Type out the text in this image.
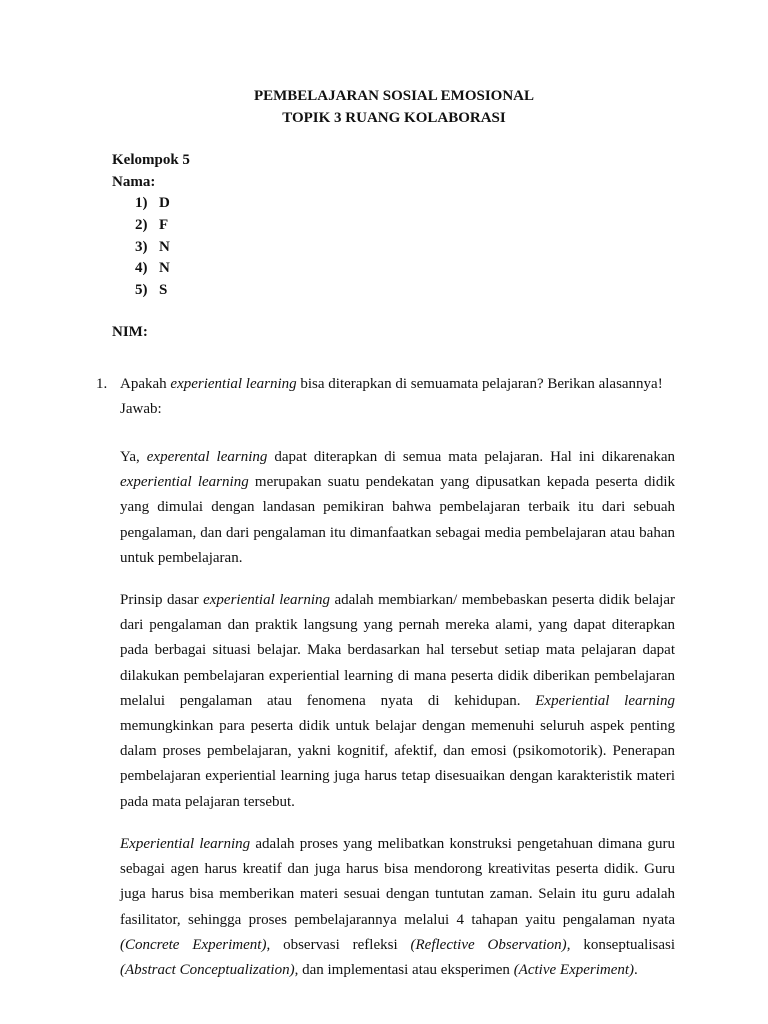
PEMBELAJARAN SOSIAL EMOSIONAL
TOPIK 3 RUANG KOLABORASI
Kelompok 5
Nama:
1) D
2) F
3) N
4) N
5) S
NIM:
1. Apakah experiential learning bisa diterapkan di semuamata pelajaran? Berikan alasannya!

Jawab:

Ya, experental learning dapat diterapkan di semua mata pelajaran. Hal ini dikarenakan experiential learning merupakan suatu pendekatan yang dipusatkan kepada peserta didik yang dimulai dengan landasan pemikiran bahwa pembelajaran terbaik itu dari sebuah pengalaman, dan dari pengalaman itu dimanfaatkan sebagai media pembelajaran atau bahan untuk pembelajaran.

Prinsip dasar experiential learning adalah membiarkan/ membebaskan peserta didik belajar dari pengalaman dan praktik langsung yang pernah mereka alami, yang dapat diterapkan pada berbagai situasi belajar. Maka berdasarkan hal tersebut setiap mata pelajaran dapat dilakukan pembelajaran experiential learning di mana peserta didik diberikan pembelajaran melalui pengalaman atau fenomena nyata di kehidupan. Experiential learning memungkinkan para peserta didik untuk belajar dengan memenuhi seluruh aspek penting dalam proses pembelajaran, yakni kognitif, afektif, dan emosi (psikomotorik). Penerapan pembelajaran experiential learning juga harus tetap disesuaikan dengan karakteristik materi pada mata pelajaran tersebut.

Experiential learning adalah proses yang melibatkan konstruksi pengetahuan dimana guru sebagai agen harus kreatif dan juga harus bisa mendorong kreativitas peserta didik. Guru juga harus bisa memberikan materi sesuai dengan tuntutan zaman. Selain itu guru adalah fasilitator, sehingga proses pembelajarannya melalui 4 tahapan yaitu pengalaman nyata (Concrete Experiment), observasi refleksi (Reflective Observation), konseptualisasi (Abstract Conceptualization), dan implementasi atau eksperimen (Active Experiment).
